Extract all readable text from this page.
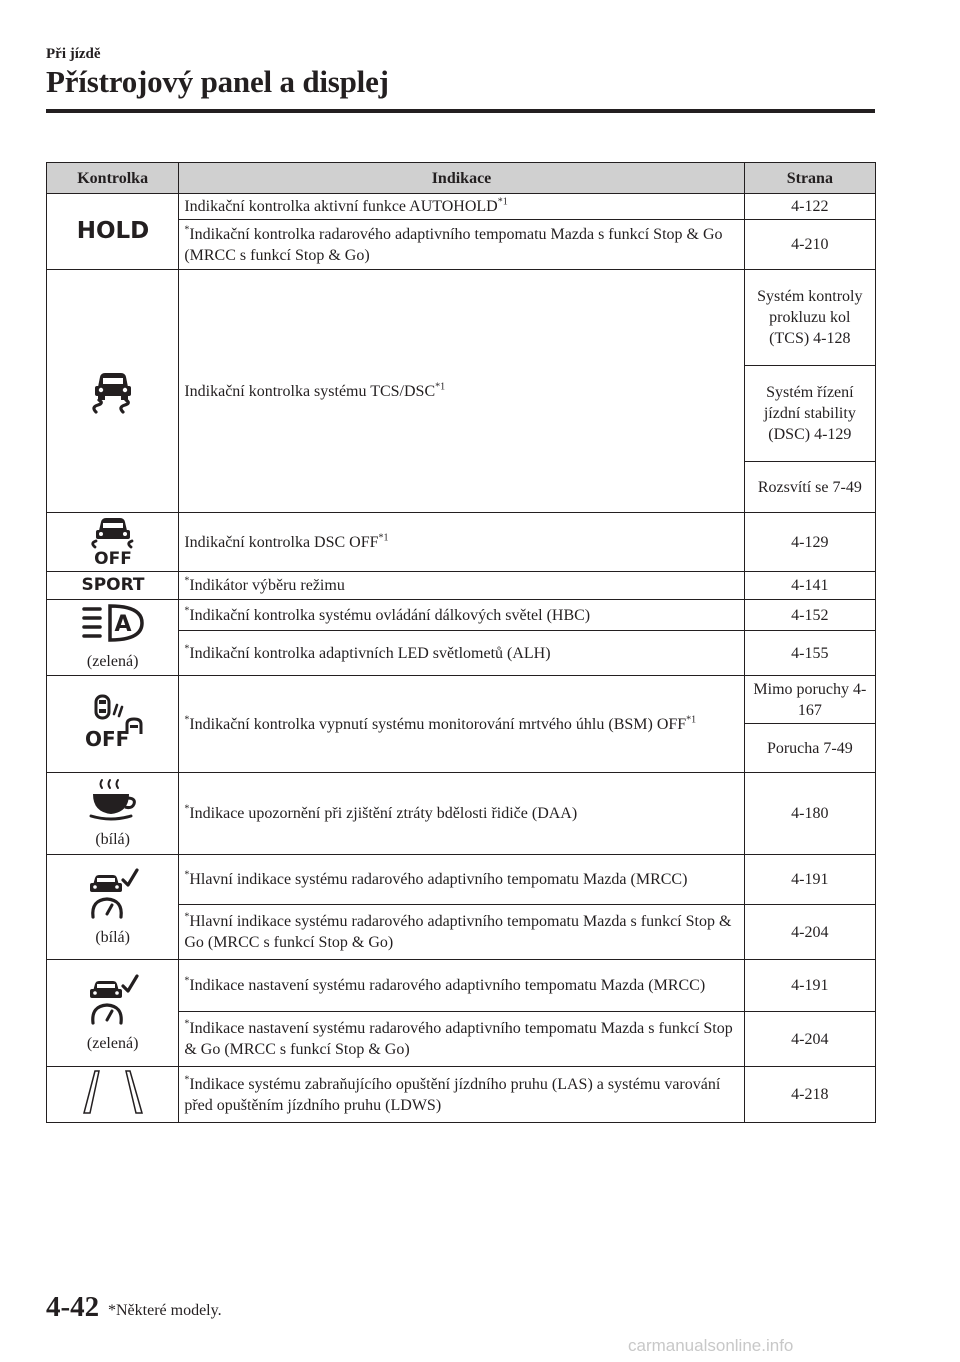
Při jízdě
Přístrojový panel a displej
Kontrolka	Indikace	Strana

HOLD	Indikační kontrolka aktivní funkce AUTOHOLD$^{*1}$	4-122
	*Indikační kontrolka radarového adaptivního tempomatu Mazda s funkcí Stop & Go (MRCC s funkcí Stop & Go)	4-210

	Indikační kontrolka systému TCS/DSC$^{*1}$	Systém kontroly prokluzu kol (TCS) 4-128
		Systém řízení jízdní stability (DSC) 4-129
		Rozsvítí se 7-49

OFF	Indikační kontrolka DSC OFF$^{*1}$	4-129

SPORT	*Indikátor výběru režimu	4-141

A
(zelená)	*Indikační kontrolka systému ovládání dálkových světel (HBC)	4-152
	*Indikační kontrolka adaptivních LED světlometů (ALH)	4-155

OFF	*Indikační kontrolka vypnutí systému monitorování mrtvého úhlu (BSM) OFF$^{*1}$	Mimo poruchy 4-167
		Porucha 7-49

(bílá)	*Indikace upozornění při zjištění ztráty bdělosti řidiče (DAA)	4-180

(bílá)	*Hlavní indikace systému radarového adaptivního tempomatu Mazda (MRCC)	4-191
	*Hlavní indikace systému radarového adaptivního tempomatu Mazda s funkcí Stop & Go (MRCC s funkcí Stop & Go)	4-204

(zelená)	*Indikace nastavení systému radarového adaptivního tempomatu Mazda (MRCC)	4-191
	*Indikace nastavení systému radarového adaptivního tempomatu Mazda s funkcí Stop & Go (MRCC s funkcí Stop & Go)	4-204

	*Indikace systému zabraňujícího opuštění jízdního pruhu (LAS) a systému varování před opuštěním jízdního pruhu (LDWS)	4-218
4-42 *Některé modely.
carmanualsonline.info
